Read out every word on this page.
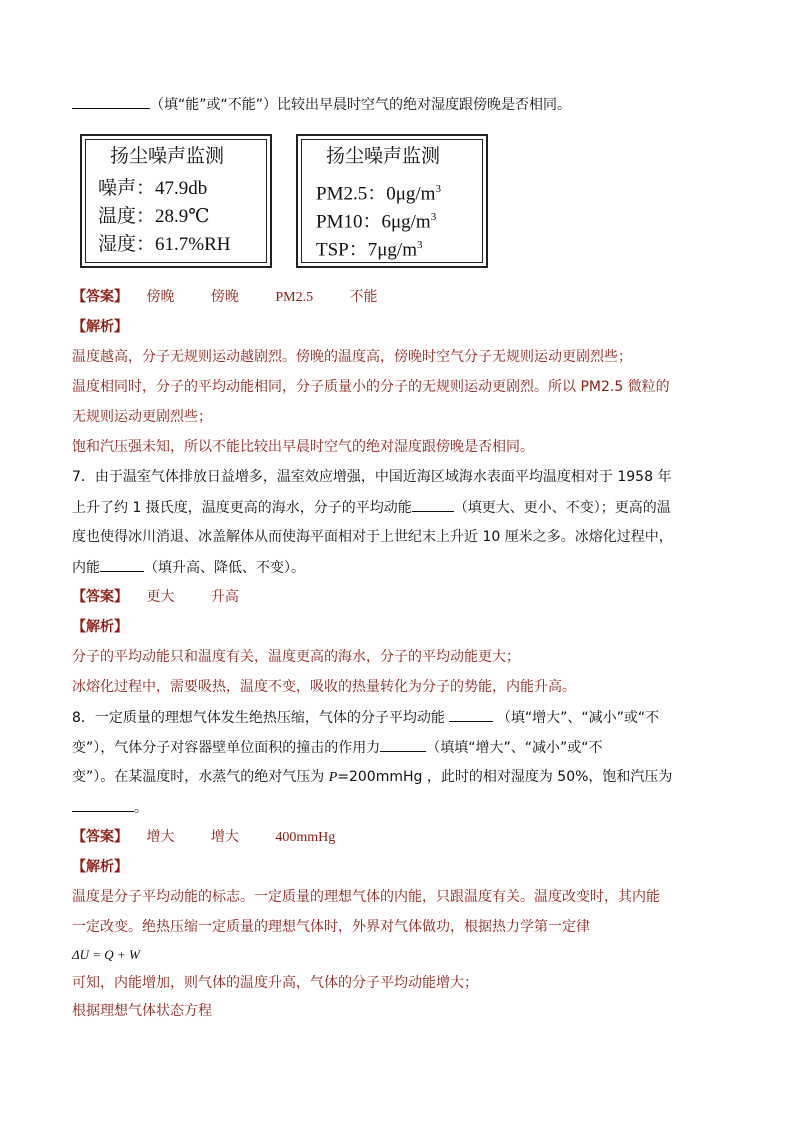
（填“能”或“不能”）比较出早晨时空气的绝对湿度跟傍晚是否相同。
扬尘噪声监测
噪声：47.9db
温度：28.9℃
湿度：61.7%RH
扬尘噪声监测
PM2.5：$0\mu g/m^3$
PM10：$6\mu g/m^3$
TSP：$7\mu g/m^3$
【答案】 傍晚	傍晚	PM2.5	不能
【解析】
温度越高，分子无规则运动越剧烈。傍晚的温度高，傍晚时空气分子无规则运动更剧烈些；
温度相同时，分子的平均动能相同，分子质量小的分子的无规则运动更剧烈。所以 PM2.5 微粒的
无规则运动更剧烈些；
饱和汽压强未知，所以不能比较出早晨时空气的绝对湿度跟傍晚是否相同。
7．由于温室气体排放日益增多，温室效应增强，中国近海区域海水表面平均温度相对于 1958 年
上升了约 1 摄氏度，温度更高的海水，分子的平均动能	（填更大、更小、不变）；更高的温
度也使得冰川消退、冰盖解体从而使海平面相对于上世纪末上升近 10 厘米之多。冰熔化过程中，
内能	（填升高、降低、不变）。
【答案】 更大	升高
【解析】
分子的平均动能只和温度有关，温度更高的海水，分子的平均动能更大；
冰熔化过程中，需要吸热，温度不变，吸收的热量转化为分子的势能，内能升高。
8．一定质量的理想气体发生绝热压缩，气体的分子平均动能	（填“增大”、“减小”或“不
变”），气体分子对容器壁单位面积的撞击的作用力	（填填“增大”、“减小”或“不
变”）。在某温度时，水蒸气的绝对气压为 P=200mmHg ，此时的相对湿度为 50%，饱和汽压为
。
【答案】 增大	增大	400mmHg
【解析】
温度是分子平均动能的标志。一定质量的理想气体的内能，只跟温度有关。温度改变时，其内能
一定改变。绝热压缩一定质量的理想气体时，外界对气体做功，根据热力学第一定律
ΔU = Q + W
可知，内能增加，则气体的温度升高，气体的分子平均动能增大；
根据理想气体状态方程
